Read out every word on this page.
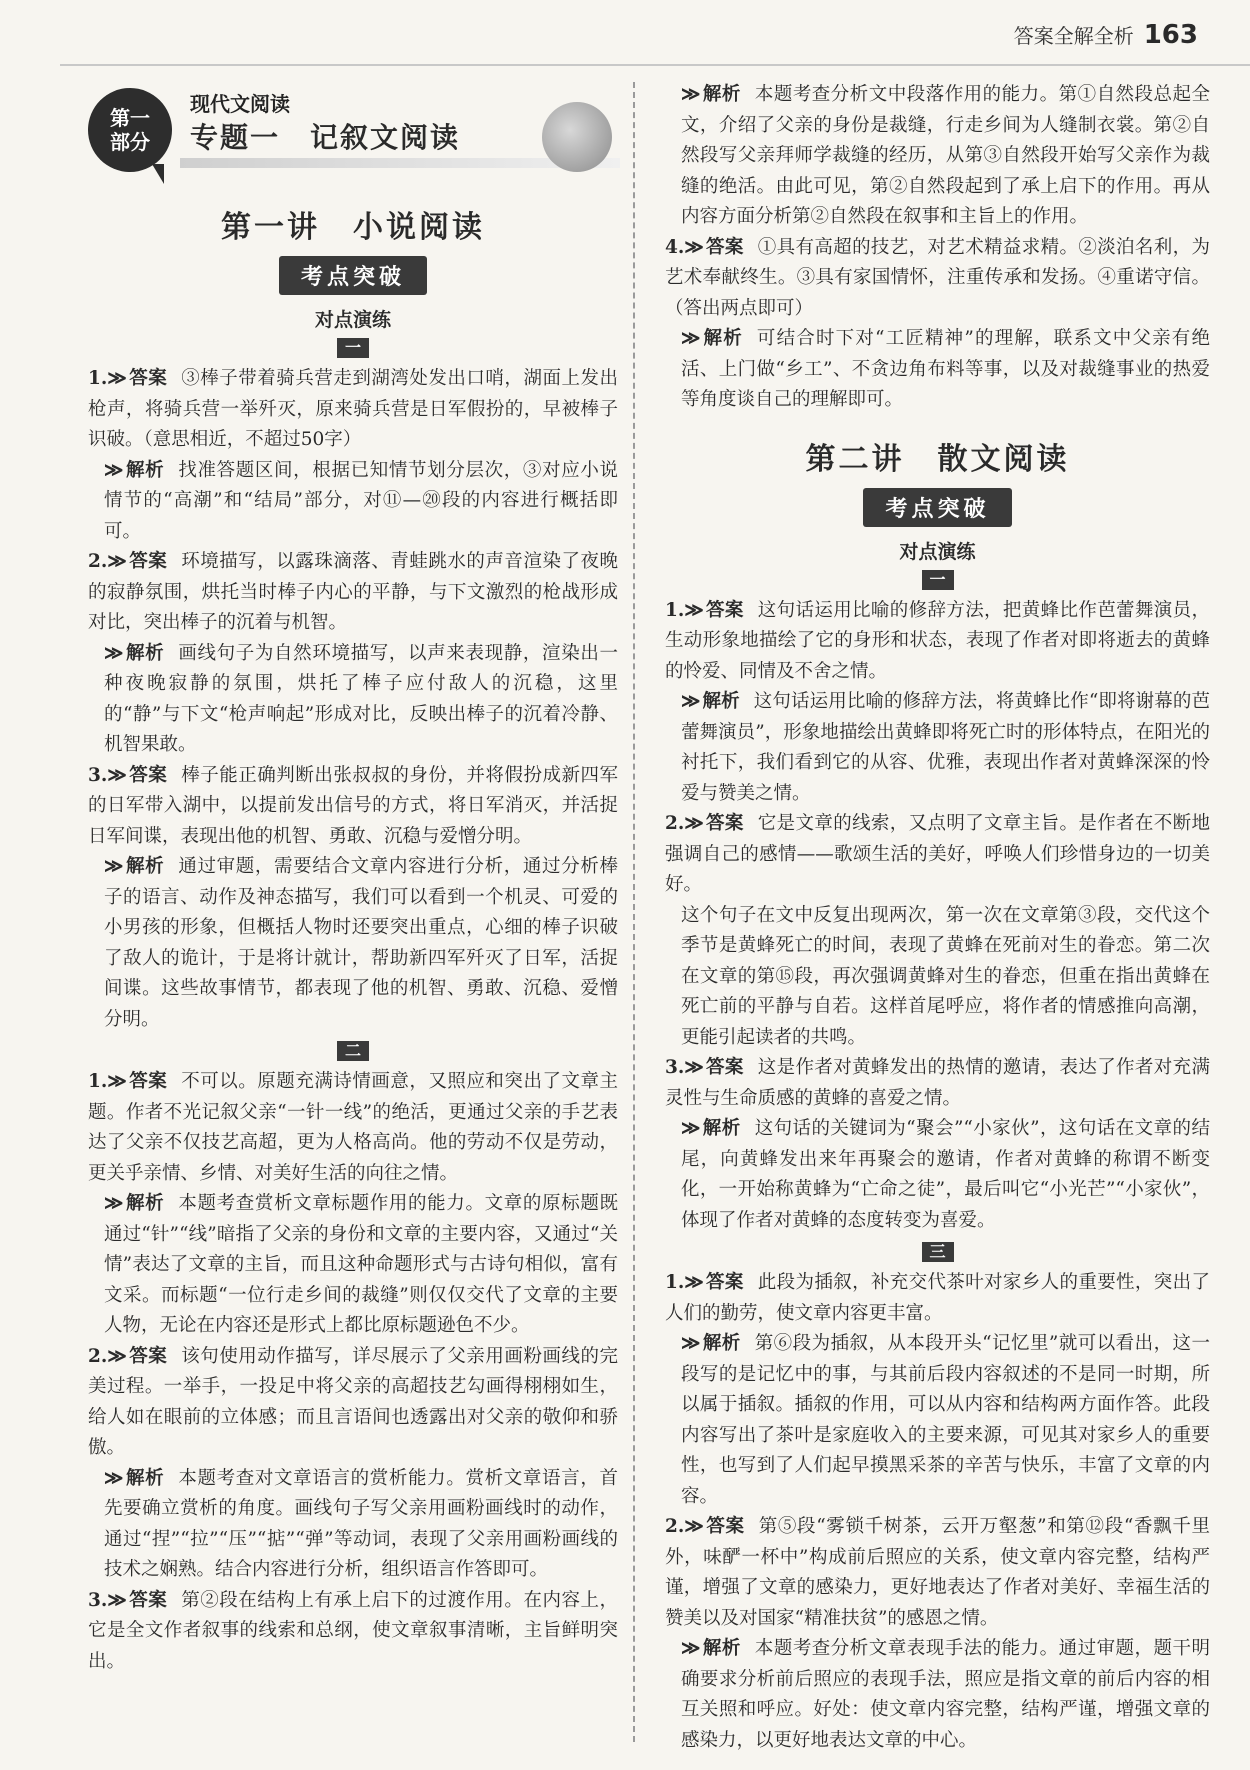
答案全解全析 163
第一
部分
现代文阅读
专题一　记叙文阅读
第一讲　小说阅读
考点突破
对点演练
一

1.≫ 答案 ③棒子带着骑兵营走到湖湾处发出口哨，湖面上发出枪声，将骑兵营一举歼灭，原来骑兵营是日军假扮的，早被棒子识破。（意思相近，不超过50字）

≫ 解析 找准答题区间，根据已知情节划分层次，③对应小说情节的“高潮”和“结局”部分，对⑪—⑳段的内容进行概括即可。

2.≫ 答案 环境描写，以露珠滴落、青蛙跳水的声音渲染了夜晚的寂静氛围，烘托当时棒子内心的平静，与下文激烈的枪战形成对比，突出棒子的沉着与机智。

≫ 解析 画线句子为自然环境描写，以声来表现静，渲染出一种夜晚寂静的氛围，烘托了棒子应付敌人的沉稳，这里的“静”与下文“枪声响起”形成对比，反映出棒子的沉着冷静、机智果敢。

3.≫ 答案 棒子能正确判断出张叔叔的身份，并将假扮成新四军的日军带入湖中，以提前发出信号的方式，将日军消灭，并活捉日军间谍，表现出他的机智、勇敢、沉稳与爱憎分明。

≫ 解析 通过审题，需要结合文章内容进行分析，通过分析棒子的语言、动作及神态描写，我们可以看到一个机灵、可爱的小男孩的形象，但概括人物时还要突出重点，心细的棒子识破了敌人的诡计，于是将计就计，帮助新四军歼灭了日军，活捉间谍。这些故事情节，都表现了他的机智、勇敢、沉稳、爱憎分明。

二

1.≫ 答案 不可以。原题充满诗情画意，又照应和突出了文章主题。作者不光记叙父亲“一针一线”的绝活，更通过父亲的手艺表达了父亲不仅技艺高超，更为人格高尚。他的劳动不仅是劳动，更关乎亲情、乡情、对美好生活的向往之情。

≫ 解析 本题考查赏析文章标题作用的能力。文章的原标题既通过“针”“线”暗指了父亲的身份和文章的主要内容，又通过“关情”表达了文章的主旨，而且这种命题形式与古诗句相似，富有文采。而标题“一位行走乡间的裁缝”则仅仅交代了文章的主要人物，无论在内容还是形式上都比原标题逊色不少。

2.≫ 答案 该句使用动作描写，详尽展示了父亲用画粉画线的完美过程。一举手，一投足中将父亲的高超技艺勾画得栩栩如生，给人如在眼前的立体感；而且言语间也透露出对父亲的敬仰和骄傲。

≫ 解析 本题考查对文章语言的赏析能力。赏析文章语言，首先要确立赏析的角度。画线句子写父亲用画粉画线时的动作，通过“捏”“拉”“压”“掂”“弹”等动词，表现了父亲用画粉画线的技术之娴熟。结合内容进行分析，组织语言作答即可。

3.≫ 答案 第②段在结构上有承上启下的过渡作用。在内容上，它是全文作者叙事的线索和总纲，使文章叙事清晰，主旨鲜明突出。

≫ 解析 本题考查分析文中段落作用的能力。第①自然段总起全文，介绍了父亲的身份是裁缝，行走乡间为人缝制衣裳。第②自然段写父亲拜师学裁缝的经历，从第③自然段开始写父亲作为裁缝的绝活。由此可见，第②自然段起到了承上启下的作用。再从内容方面分析第②自然段在叙事和主旨上的作用。

4.≫ 答案 ①具有高超的技艺，对艺术精益求精。②淡泊名利，为艺术奉献终生。③具有家国情怀，注重传承和发扬。④重诺守信。（答出两点即可）

≫ 解析 可结合时下对“工匠精神”的理解，联系文中父亲有绝活、上门做“乡工”、不贪边角布料等事，以及对裁缝事业的热爱等角度谈自己的理解即可。

第二讲　散文阅读
考点突破
对点演练
一

1.≫ 答案 这句话运用比喻的修辞方法，把黄蜂比作芭蕾舞演员，生动形象地描绘了它的身形和状态，表现了作者对即将逝去的黄蜂的怜爱、同情及不舍之情。

≫ 解析 这句话运用比喻的修辞方法，将黄蜂比作“即将谢幕的芭蕾舞演员”，形象地描绘出黄蜂即将死亡时的形体特点，在阳光的衬托下，我们看到它的从容、优雅，表现出作者对黄蜂深深的怜爱与赞美之情。

2.≫ 答案 它是文章的线索，又点明了文章主旨。是作者在不断地强调自己的感情——歌颂生活的美好，呼唤人们珍惜身边的一切美好。

这个句子在文中反复出现两次，第一次在文章第③段，交代这个季节是黄蜂死亡的时间，表现了黄蜂在死前对生的眷恋。第二次在文章的第⑮段，再次强调黄蜂对生的眷恋，但重在指出黄蜂在死亡前的平静与自若。这样首尾呼应，将作者的情感推向高潮，更能引起读者的共鸣。

3.≫ 答案 这是作者对黄蜂发出的热情的邀请，表达了作者对充满灵性与生命质感的黄蜂的喜爱之情。

≫ 解析 这句话的关键词为“聚会”“小家伙”，这句话在文章的结尾，向黄蜂发出来年再聚会的邀请，作者对黄蜂的称谓不断变化，一开始称黄蜂为“亡命之徒”，最后叫它“小光芒”“小家伙”，体现了作者对黄蜂的态度转变为喜爱。

三

1.≫ 答案 此段为插叙，补充交代茶叶对家乡人的重要性，突出了人们的勤劳，使文章内容更丰富。

≫ 解析 第⑥段为插叙，从本段开头“记忆里”就可以看出，这一段写的是记忆中的事，与其前后段内容叙述的不是同一时期，所以属于插叙。插叙的作用，可以从内容和结构两方面作答。此段内容写出了茶叶是家庭收入的主要来源，可见其对家乡人的重要性，也写到了人们起早摸黑采茶的辛苦与快乐，丰富了文章的内容。

2.≫ 答案 第⑤段“雾锁千树茶，云开万壑葱”和第⑫段“香飘千里外，味酽一杯中”构成前后照应的关系，使文章内容完整，结构严谨，增强了文章的感染力，更好地表达了作者对美好、幸福生活的赞美以及对国家“精准扶贫”的感恩之情。

≫ 解析 本题考查分析文章表现手法的能力。通过审题，题干明确要求分析前后照应的表现手法，照应是指文章的前后内容的相互关照和呼应。好处：使文章内容完整，结构严谨，增强文章的感染力，以更好地表达文章的中心。
